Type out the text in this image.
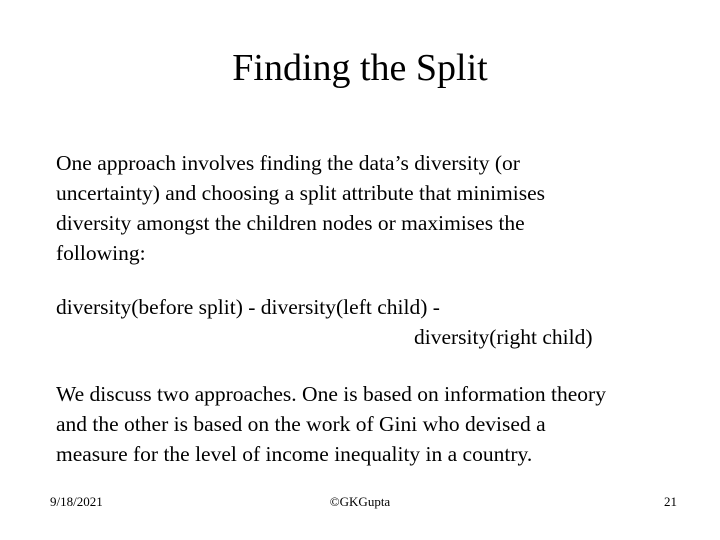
Finding the Split
One approach involves finding the data’s diversity (or
uncertainty) and choosing a split attribute that minimises
diversity amongst the children nodes or maximises the
following:
diversity(before split) - diversity(left child) -
diversity(right child)
We discuss two approaches. One is based on information theory
and the other is based on the work of Gini who devised a
measure for the level of income inequality in a country.
9/18/2021	©GKGupta	21
